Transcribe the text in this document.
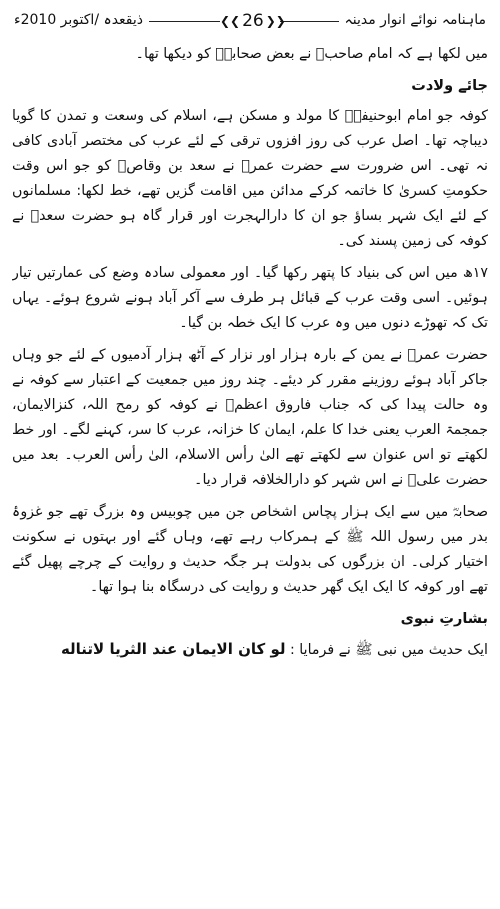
ماہنامہ نوائے انوار مدینہ
❮❮ 26 ❯❯
ذیقعدہ /اکتوبر 2010ء

میں لکھا ہے کہ امام صاحبؒ نے بعض صحابہؓ کو دیکھا تھا۔

جائے ولادت

کوفہ جو امام ابوحنیفہؒ کا مولد و مسکن ہے، اسلام کی وسعت و تمدن کا گویا دیباچہ تھا۔ اصل عرب کی روز افزوں ترقی کے لئے عرب کی مختصر آبادی کافی نہ تھی۔ اس ضرورت سے حضرت عمرؓ نے سعد بن وقاصؓ کو جو اس وقت حکومتِ کسریٰ کا خاتمہ کرکے مدائن میں اقامت گزیں تھے، خط لکھا: مسلمانوں کے لئے ایک شہر بساؤ جو ان کا دارالہجرت اور قرار گاہ ہو حضرت سعدؓ نے کوفہ کی زمین پسند کی۔

۱۷ھ میں اس کی بنیاد کا پتھر رکھا گیا۔ اور معمولی سادہ وضع کی عمارتیں تیار ہوئیں۔ اسی وقت عرب کے قبائل ہر طرف سے آکر آباد ہونے شروع ہوئے۔ یہاں تک کہ تھوڑے دنوں میں وہ عرب کا ایک خطہ بن گیا۔

حضرت عمرؓ نے یمن کے بارہ ہزار اور نزار کے آٹھ ہزار آدمیوں کے لئے جو وہاں جاکر آباد ہوئے روزینے مقرر کر دیئے۔ چند روز میں جمعیت کے اعتبار سے کوفہ نے وہ حالت پیدا کی کہ جناب فاروق اعظمؓ نے کوفہ کو رمح اللہ، کنزالایمان، جمجمۃ العرب یعنی خدا کا علم، ایمان کا خزانہ، عرب کا سر، کہنے لگے۔ اور خط لکھتے تو اس عنوان سے لکھتے تھے الیٰ رأس الاسلام، الیٰ رأس العرب۔ بعد میں حضرت علیؓ نے اس شہر کو دارالخلافہ قرار دیا۔

صحابہؓ میں سے ایک ہزار پچاس اشخاص جن میں چوبیس وہ بزرگ تھے جو غزوۂ بدر میں رسول اللہ ﷺ کے ہمرکاب رہے تھے، وہاں گئے اور بہتوں نے سکونت اختیار کرلی۔ ان بزرگوں کی بدولت ہر جگہ حدیث و روایت کے چرچے پھیل گئے تھے اور کوفہ کا ایک ایک گھر حدیث و روایت کی درسگاہ بنا ہوا تھا۔

بشارتِ نبوی

ایک حدیث میں نبی ﷺ نے فرمایا : لو کان الایمان عند الثریا لاتناله
